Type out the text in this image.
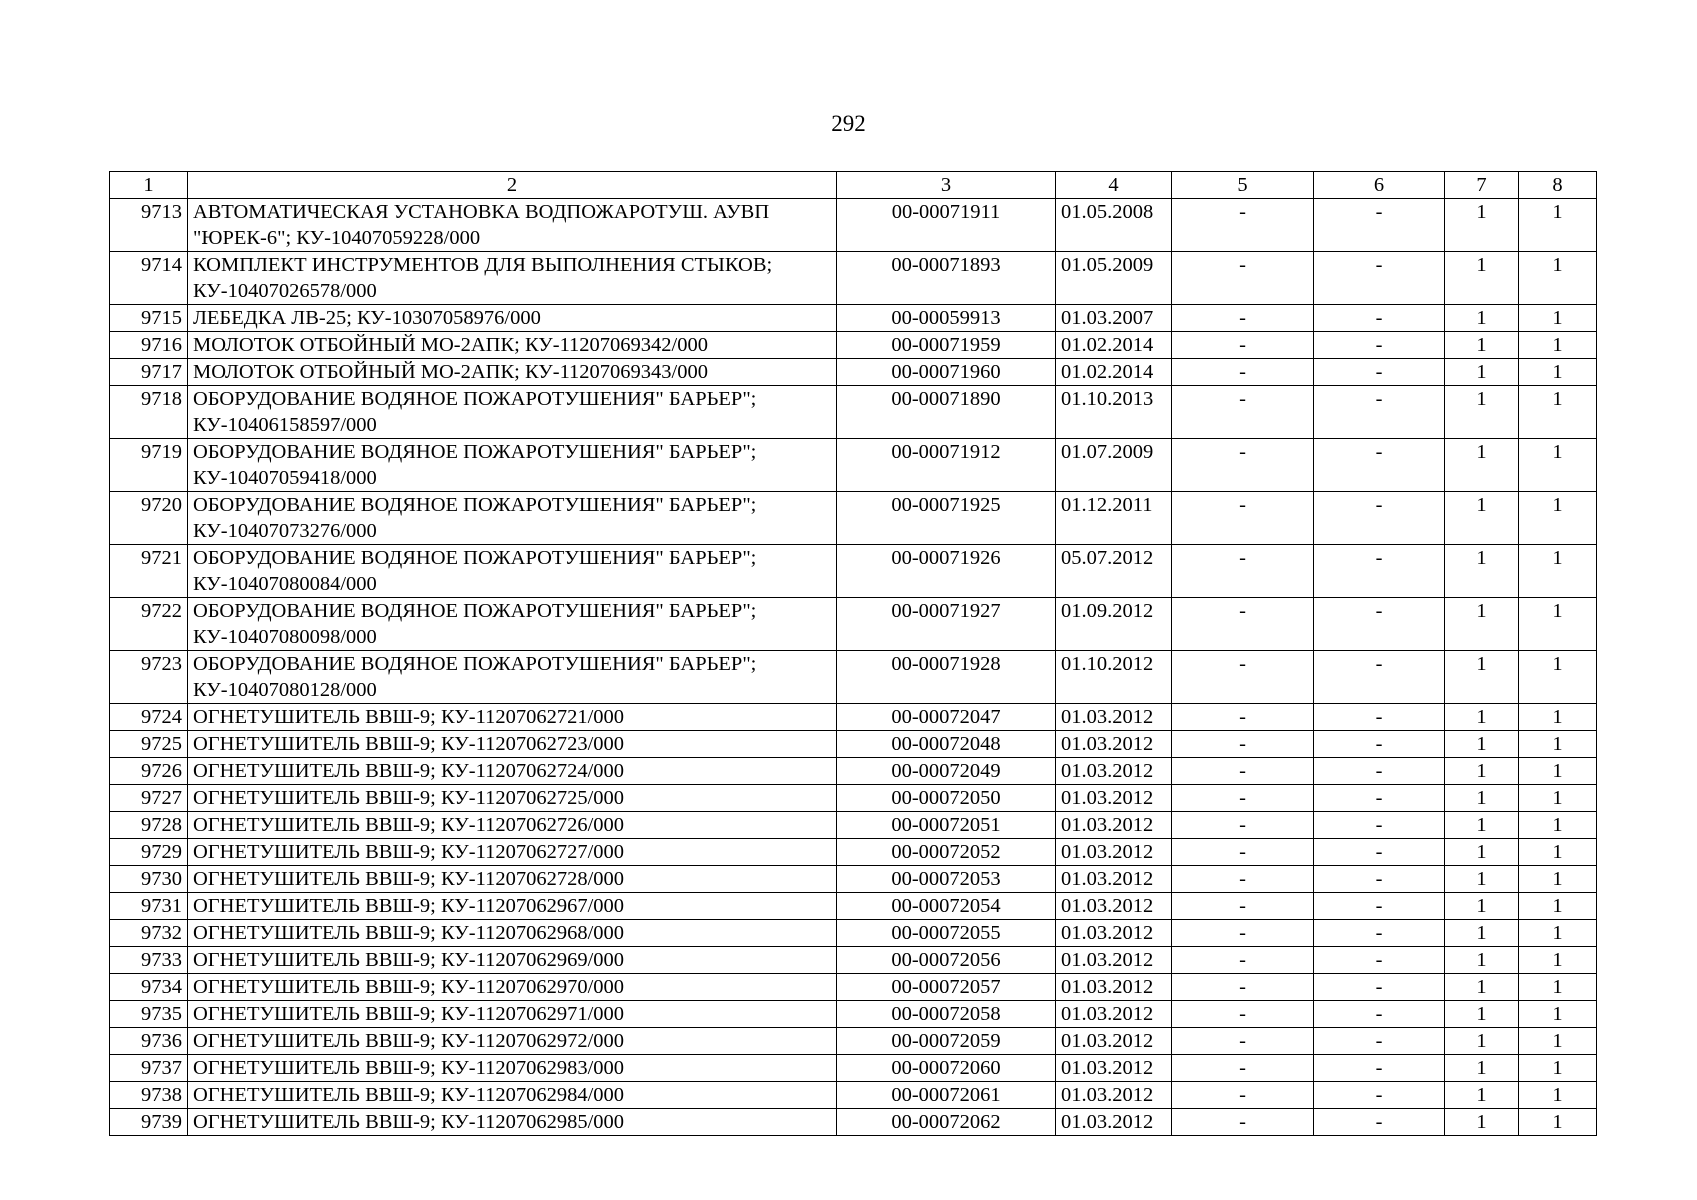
292
1	2	3	4	5	6	7	8
9713	АВТОМАТИЧЕСКАЯ УСТАНОВКА ВОДПОЖАРОТУШ. АУВП "ЮРЕК-6"; КУ-10407059228/000	00-00071911	01.05.2008	-	-	1	1
9714	КОМПЛЕКТ ИНСТРУМЕНТОВ ДЛЯ ВЫПОЛНЕНИЯ СТЫКОВ; КУ-10407026578/000	00-00071893	01.05.2009	-	-	1	1
9715	ЛЕБЕДКА ЛВ-25; КУ-10307058976/000	00-00059913	01.03.2007	-	-	1	1
9716	МОЛОТОК ОТБОЙНЫЙ МО-2АПК; КУ-11207069342/000	00-00071959	01.02.2014	-	-	1	1
9717	МОЛОТОК ОТБОЙНЫЙ МО-2АПК; КУ-11207069343/000	00-00071960	01.02.2014	-	-	1	1
9718	ОБОРУДОВАНИЕ ВОДЯНОЕ ПОЖАРОТУШЕНИЯ" БАРЬЕР"; КУ-10406158597/000	00-00071890	01.10.2013	-	-	1	1
9719	ОБОРУДОВАНИЕ ВОДЯНОЕ ПОЖАРОТУШЕНИЯ" БАРЬЕР"; КУ-10407059418/000	00-00071912	01.07.2009	-	-	1	1
9720	ОБОРУДОВАНИЕ ВОДЯНОЕ ПОЖАРОТУШЕНИЯ" БАРЬЕР"; КУ-10407073276/000	00-00071925	01.12.2011	-	-	1	1
9721	ОБОРУДОВАНИЕ ВОДЯНОЕ ПОЖАРОТУШЕНИЯ" БАРЬЕР"; КУ-10407080084/000	00-00071926	05.07.2012	-	-	1	1
9722	ОБОРУДОВАНИЕ ВОДЯНОЕ ПОЖАРОТУШЕНИЯ" БАРЬЕР"; КУ-10407080098/000	00-00071927	01.09.2012	-	-	1	1
9723	ОБОРУДОВАНИЕ ВОДЯНОЕ ПОЖАРОТУШЕНИЯ" БАРЬЕР"; КУ-10407080128/000	00-00071928	01.10.2012	-	-	1	1
9724	ОГНЕТУШИТЕЛЬ ВВШ-9; КУ-11207062721/000	00-00072047	01.03.2012	-	-	1	1
9725	ОГНЕТУШИТЕЛЬ ВВШ-9; КУ-11207062723/000	00-00072048	01.03.2012	-	-	1	1
9726	ОГНЕТУШИТЕЛЬ ВВШ-9; КУ-11207062724/000	00-00072049	01.03.2012	-	-	1	1
9727	ОГНЕТУШИТЕЛЬ ВВШ-9; КУ-11207062725/000	00-00072050	01.03.2012	-	-	1	1
9728	ОГНЕТУШИТЕЛЬ ВВШ-9; КУ-11207062726/000	00-00072051	01.03.2012	-	-	1	1
9729	ОГНЕТУШИТЕЛЬ ВВШ-9; КУ-11207062727/000	00-00072052	01.03.2012	-	-	1	1
9730	ОГНЕТУШИТЕЛЬ ВВШ-9; КУ-11207062728/000	00-00072053	01.03.2012	-	-	1	1
9731	ОГНЕТУШИТЕЛЬ ВВШ-9; КУ-11207062967/000	00-00072054	01.03.2012	-	-	1	1
9732	ОГНЕТУШИТЕЛЬ ВВШ-9; КУ-11207062968/000	00-00072055	01.03.2012	-	-	1	1
9733	ОГНЕТУШИТЕЛЬ ВВШ-9; КУ-11207062969/000	00-00072056	01.03.2012	-	-	1	1
9734	ОГНЕТУШИТЕЛЬ ВВШ-9; КУ-11207062970/000	00-00072057	01.03.2012	-	-	1	1
9735	ОГНЕТУШИТЕЛЬ ВВШ-9; КУ-11207062971/000	00-00072058	01.03.2012	-	-	1	1
9736	ОГНЕТУШИТЕЛЬ ВВШ-9; КУ-11207062972/000	00-00072059	01.03.2012	-	-	1	1
9737	ОГНЕТУШИТЕЛЬ ВВШ-9; КУ-11207062983/000	00-00072060	01.03.2012	-	-	1	1
9738	ОГНЕТУШИТЕЛЬ ВВШ-9; КУ-11207062984/000	00-00072061	01.03.2012	-	-	1	1
9739	ОГНЕТУШИТЕЛЬ ВВШ-9; КУ-11207062985/000	00-00072062	01.03.2012	-	-	1	1
